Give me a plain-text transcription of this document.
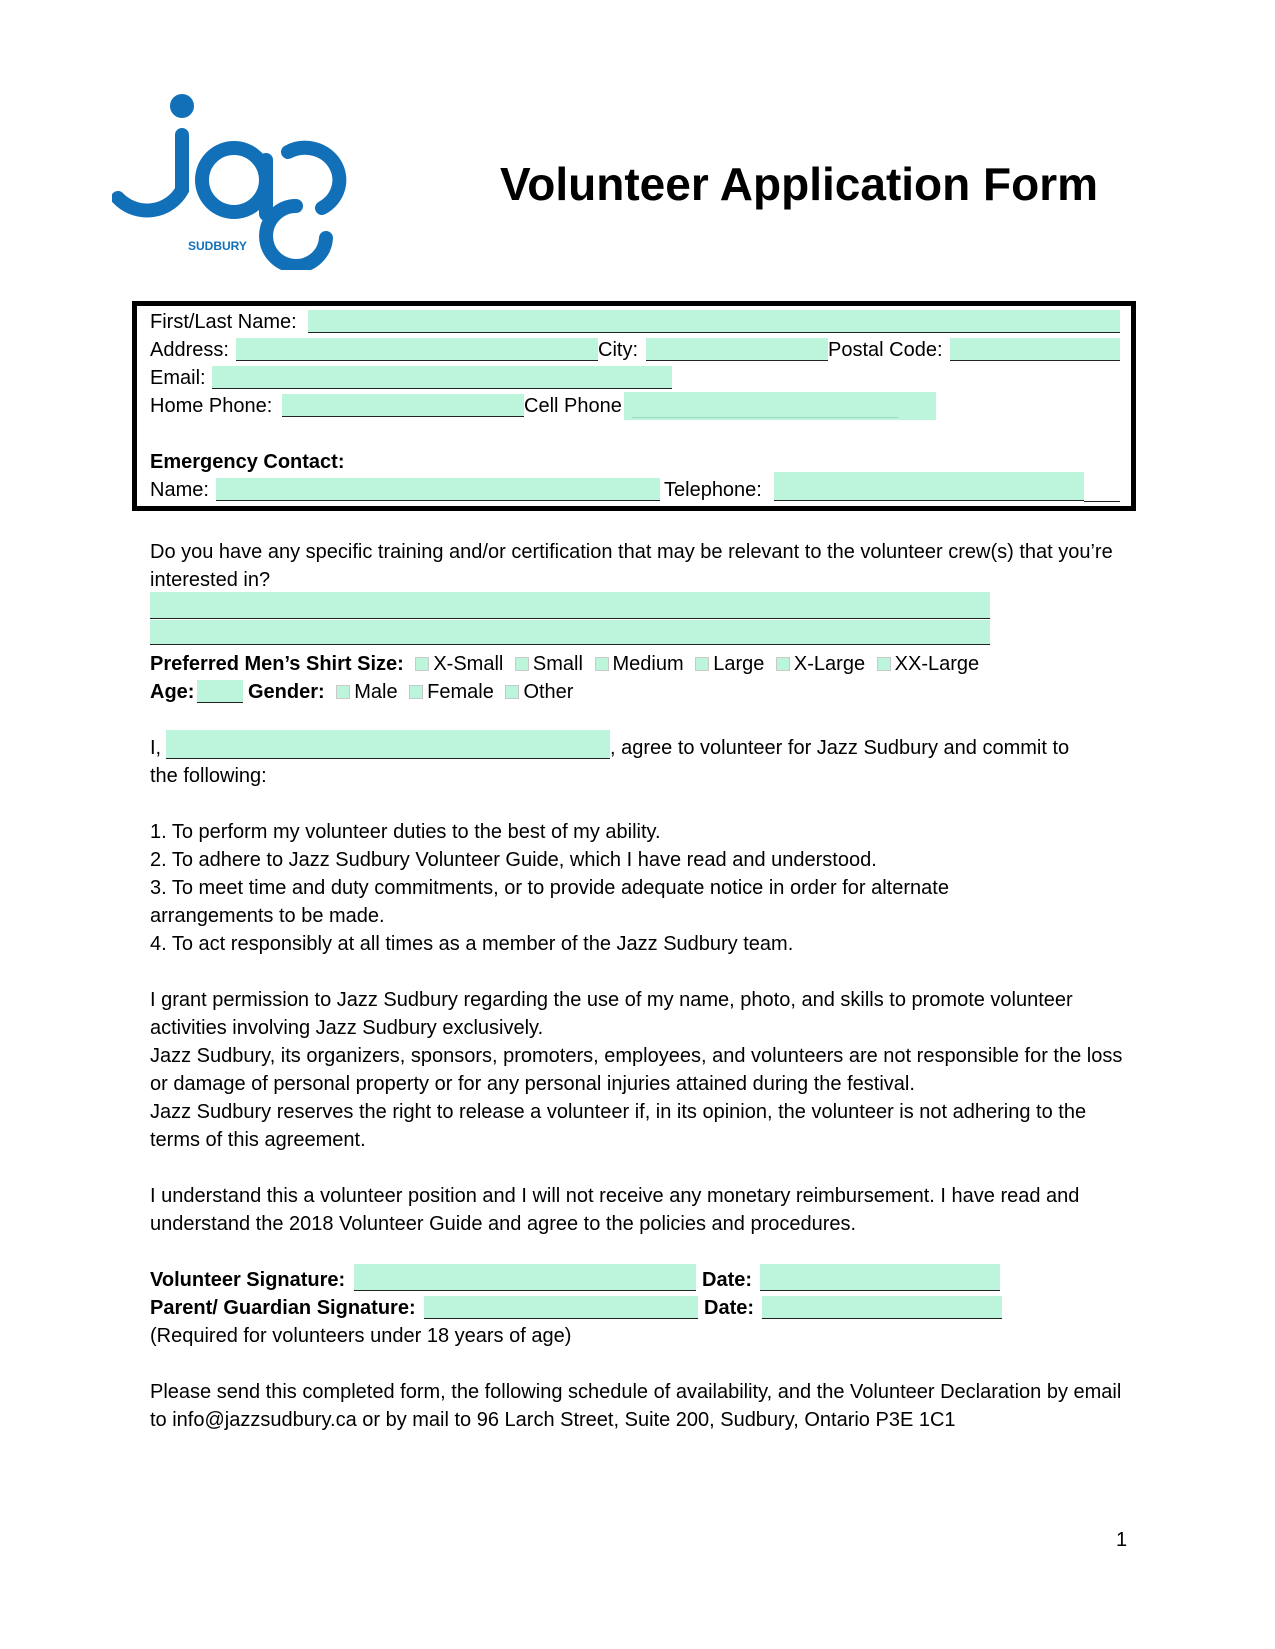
SUDBURY
Volunteer Application Form
First/Last Name:
Address:	City:	Postal Code:
Email:
Home Phone:	Cell Phone
Emergency Contact:
Name:	Telephone:

Do you have any specific training and/or certification that may be relevant to the volunteer crew(s) that you’re interested in?

Preferred Men’s Shirt Size: X-Small Small Medium Large X-Large XX-Large
Age:	Gender: Male Female Other
I,	, agree to volunteer for Jazz Sudbury and commit to
the following:
1. To perform my volunteer duties to the best of my ability.
2. To adhere to Jazz Sudbury Volunteer Guide, which I have read and understood.

3. To meet time and duty commitments, or to provide adequate notice in order for alternate arrangements to be made.

4. To act responsibly at all times as a member of the Jazz Sudbury team.

I grant permission to Jazz Sudbury regarding the use of my name, photo, and skills to promote volunteer activities involving Jazz Sudbury exclusively.

Jazz Sudbury, its organizers, sponsors, promoters, employees, and volunteers are not responsible for the loss or damage of personal property or for any personal injuries attained during the festival.

Jazz Sudbury reserves the right to release a volunteer if, in its opinion, the volunteer is not adhering to the terms of this agreement.

I understand this a volunteer position and I will not receive any monetary reimbursement. I have read and understand the 2018 Volunteer Guide and agree to the policies and procedures.

Volunteer Signature:	Date:
Parent/ Guardian Signature:	Date:
(Required for volunteers under 18 years of age)

Please send this completed form, the following schedule of availability, and the Volunteer Declaration by email to info@jazzsudbury.ca or by mail to 96 Larch Street, Suite 200, Sudbury, Ontario P3E 1C1

1
